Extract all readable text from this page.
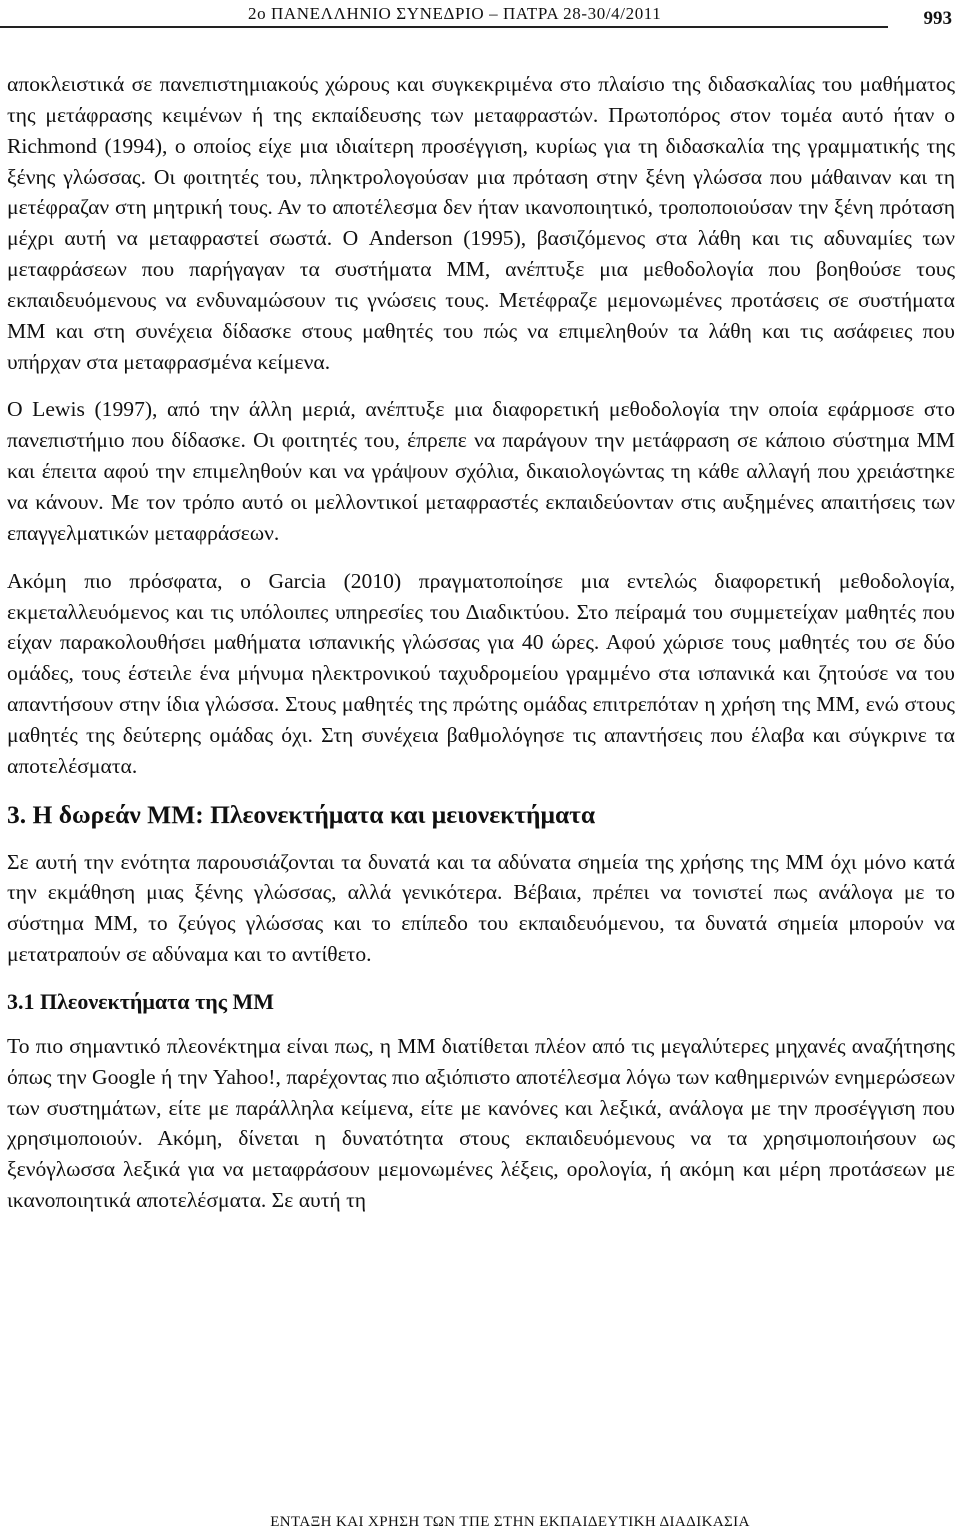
2ο ΠΑΝΕΛΛΗΝΙΟ ΣΥΝΕΔΡΙΟ – ΠΑΤΡΑ 28-30/4/2011	993

αποκλειστικά σε πανεπιστημιακούς χώρους και συγκεκριμένα στο πλαίσιο της διδασκαλίας του μαθήματος της μετάφρασης κειμένων ή της εκπαίδευσης των μεταφραστών. Πρωτοπόρος στον τομέα αυτό ήταν ο Richmond (1994), ο οποίος είχε μια ιδιαίτερη προσέγγιση, κυρίως για τη διδασκαλία της γραμματικής της ξένης γλώσσας. Οι φοιτητές του, πληκτρολογούσαν μια πρόταση στην ξένη γλώσσα που μάθαιναν και τη μετέφραζαν στη μητρική τους. Αν το αποτέλεσμα δεν ήταν ικανοποιητικό, τροποποιούσαν την ξένη πρόταση μέχρι αυτή να μεταφραστεί σωστά. Ο Anderson (1995), βασιζόμενος στα λάθη και τις αδυναμίες των μεταφράσεων που παρήγαγαν τα συστήματα ΜΜ, ανέπτυξε μια μεθοδολογία που βοηθούσε τους εκπαιδευόμενους να ενδυναμώσουν τις γνώσεις τους. Μετέφραζε μεμονωμένες προτάσεις σε συστήματα ΜΜ και στη συνέχεια δίδασκε στους μαθητές του πώς να επιμεληθούν τα λάθη και τις ασάφειες που υπήρχαν στα μεταφρασμένα κείμενα.

Ο Lewis (1997), από την άλλη μεριά, ανέπτυξε μια διαφορετική μεθοδολογία την οποία εφάρμοσε στο πανεπιστήμιο που δίδασκε. Οι φοιτητές του, έπρεπε να παράγουν την μετάφραση σε κάποιο σύστημα ΜΜ και έπειτα αφού την επιμεληθούν και να γράψουν σχόλια, δικαιολογώντας τη κάθε αλλαγή που χρειάστηκε να κάνουν. Με τον τρόπο αυτό οι μελλοντικοί μεταφραστές εκπαιδεύονταν στις αυξημένες απαιτήσεις των επαγγελματικών μεταφράσεων.

Ακόμη πιο πρόσφατα, ο Garcia (2010) πραγματοποίησε μια εντελώς διαφορετική μεθοδολογία, εκμεταλλευόμενος και τις υπόλοιπες υπηρεσίες του Διαδικτύου. Στο πείραμά του συμμετείχαν μαθητές που είχαν παρακολουθήσει μαθήματα ισπανικής γλώσσας για 40 ώρες. Αφού χώρισε τους μαθητές του σε δύο ομάδες, τους έστειλε ένα μήνυμα ηλεκτρονικού ταχυδρομείου γραμμένο στα ισπανικά και ζητούσε να του απαντήσουν στην ίδια γλώσσα. Στους μαθητές της πρώτης ομάδας επιτρεπόταν η χρήση της ΜΜ, ενώ στους μαθητές της δεύτερης ομάδας όχι. Στη συνέχεια βαθμολόγησε τις απαντήσεις που έλαβα και σύγκρινε τα αποτελέσματα.

3. Η δωρεάν ΜΜ: Πλεονεκτήματα και μειονεκτήματα

Σε αυτή την ενότητα παρουσιάζονται τα δυνατά και τα αδύνατα σημεία της χρήσης της ΜΜ όχι μόνο κατά την εκμάθηση μιας ξένης γλώσσας, αλλά γενικότερα. Βέβαια, πρέπει να τονιστεί πως ανάλογα με το σύστημα ΜΜ, το ζεύγος γλώσσας και το επίπεδο του εκπαιδευόμενου, τα δυνατά σημεία μπορούν να μετατραπούν σε αδύναμα και το αντίθετο.

3.1 Πλεονεκτήματα της ΜΜ

Το πιο σημαντικό πλεονέκτημα είναι πως, η ΜΜ διατίθεται πλέον από τις μεγαλύτερες μηχανές αναζήτησης όπως την Google ή την Yahoo!, παρέχοντας πιο αξιόπιστο αποτέλεσμα λόγω των καθημερινών ενημερώσεων των συστημάτων, είτε με παράλληλα κείμενα, είτε με κανόνες και λεξικά, ανάλογα με την προσέγγιση που χρησιμοποιούν. Ακόμη, δίνεται η δυνατότητα στους εκπαιδευόμενους να τα χρησιμοποιήσουν ως ξενόγλωσσα λεξικά για να μεταφράσουν μεμονωμένες λέξεις, ορολογία, ή ακόμη και μέρη προτάσεων με ικανοποιητικά αποτελέσματα. Σε αυτή τη

ΕΝΤΑΞΗ ΚΑΙ ΧΡΗΣΗ ΤΩΝ ΤΠΕ ΣΤΗΝ ΕΚΠΑΙΔΕΥΤΙΚΗ ΔΙΑΔΙΚΑΣΙΑ
